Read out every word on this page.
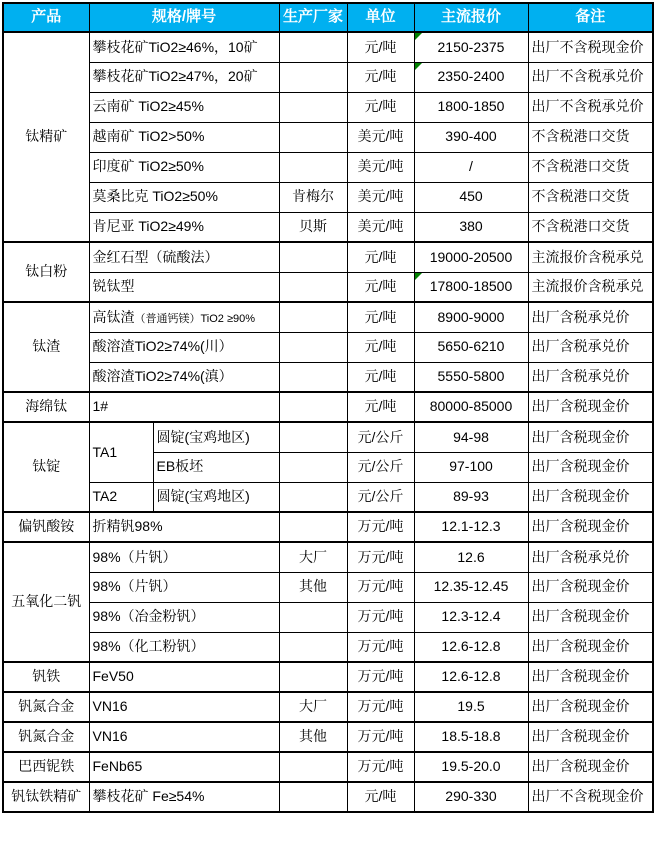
产品	规格/牌号		生产厂家	单位	主流报价	备注
钛精矿	攀枝花矿TiO2≥46%，10矿			元/吨	2150-2375	出厂不含税现金价
	攀枝花矿TiO2≥47%，20矿			元/吨	2350-2400	出厂不含税承兑价
	云南矿 TiO2≥45%			元/吨	1800-1850	出厂不含税承兑价
	越南矿 TiO2>50%			美元/吨	390-400	不含税港口交货
	印度矿 TiO2≥50%			美元/吨	/	不含税港口交货
	莫桑比克 TiO2≥50%		肯梅尔	美元/吨	450	不含税港口交货
	肯尼亚 TiO2≥49%		贝斯	美元/吨	380	不含税港口交货
钛白粉	金红石型（硫酸法）			元/吨	19000-20500	主流报价含税承兑
	锐钛型			元/吨	17800-18500	主流报价含税承兑
钛渣	高钛渣（普通钙镁）TiO2 ≥90%			元/吨	8900-9000	出厂含税承兑价
	酸溶渣TiO2≥74%(川）			元/吨	5650-6210	出厂含税承兑价
	酸溶渣TiO2≥74%(滇）			元/吨	5550-5800	出厂含税承兑价
海绵钛	1#			元/吨	80000-85000	出厂含税现金价
钛锭	TA1	圆锭(宝鸡地区)		元/公斤	94-98	出厂含税现金价
		EB板坯		元/公斤	97-100	出厂含税现金价
	TA2	圆锭(宝鸡地区)		元/公斤	89-93	出厂含税现金价
偏钒酸铵	折精钒98%			万元/吨	12.1-12.3	出厂含税现金价
五氧化二钒	98%（片钒）		大厂	万元/吨	12.6	出厂含税承兑价
	98%（片钒）		其他	万元/吨	12.35-12.45	出厂含税现金价
	98%（冶金粉钒）			万元/吨	12.3-12.4	出厂含税现金价
	98%（化工粉钒）			万元/吨	12.6-12.8	出厂含税现金价
钒铁	FeV50			万元/吨	12.6-12.8	出厂含税现金价
钒氮合金	VN16		大厂	万元/吨	19.5	出厂含税现金价
钒氮合金	VN16		其他	万元/吨	18.5-18.8	出厂含税现金价
巴西铌铁	FeNb65			万元/吨	19.5-20.0	出厂含税现金价
钒钛铁精矿	攀枝花矿 Fe≥54%			元/吨	290-330	出厂不含税现金价
